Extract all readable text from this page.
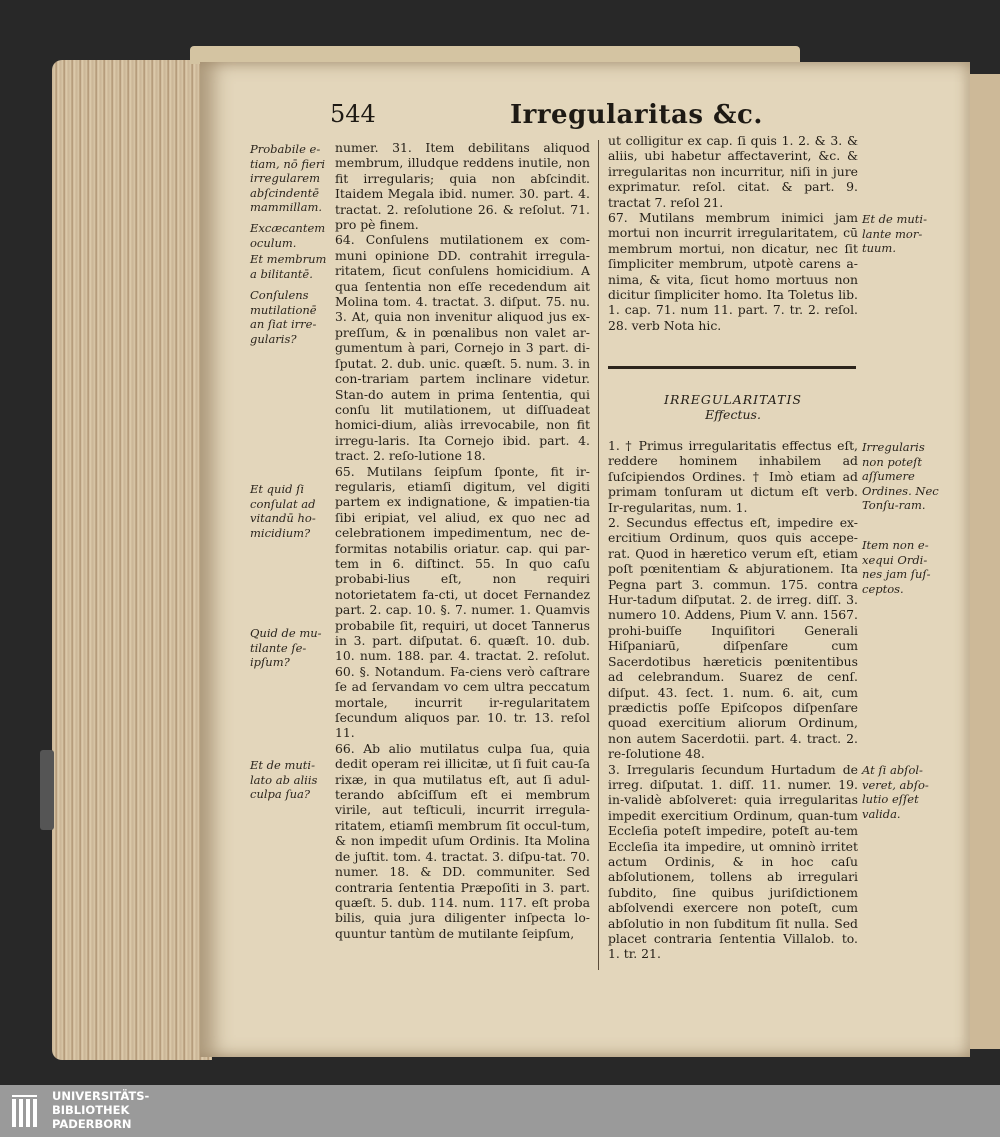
544	Irregularitas &c.
Probabile e-tiam, nō fieri irregularem abſcindentē mammillam.
Excæcantem oculum.
Et membrum a bilitantē.
Conſulens mutilationē an ſiat irre-gularis?
Et quid ſi conſulat ad vitandū ho-micidium?
Quid de mu-tilante ſe-ipſum?
Et de muti-lato ab aliis culpa ſua?

numer. 31. Item debilitans aliquod membrum, illudque reddens inutile, non fit irregularis; quia non abſcindit. Itaidem Megala ibid. numer. 30. part. 4. tractat. 2. reſolutione 26. & reſolut. 71. pro pè finem.

64. Conſulens mutilationem ex com-muni opinione DD. contrahit irregula-ritatem, ſicut conſulens homicidium. A qua ſententia non eſſe recedendum ait Molina tom. 4. tractat. 3. diſput. 75. nu. 3. At, quia non invenitur aliquod jus ex-preſſum, & in pœnalibus non valet ar-gumentum à pari, Cornejo in 3 part. di-ſputat. 2. dub. unic. quæſt. 5. num. 3. in con-trariam partem inclinare videtur. Stan-do autem in prima ſententia, qui conſu lit mutilationem, ut diſſuadeat homici-dium, aliàs irrevocabile, non fit irregu-laris. Ita Cornejo ibid. part. 4. tract. 2. reſo-lutione 18.

65. Mutilans ſeipſum ſponte, fit ir-regularis, etiamſi digitum, vel digiti partem ex indignatione, & impatien-tia ſibi eripiat, vel aliud, ex quo nec ad celebrationem impedimentum, nec de-formitas notabilis oriatur. cap. qui par-tem in 6. diſtinct. 55. In quo caſu probabi-lius eſt, non requiri notorietatem fa-cti, ut docet Fernandez part. 2. cap. 10. §. 7. numer. 1. Quamvis probabile ſit, requiri, ut docet Tannerus in 3. part. diſputat. 6. quæſt. 10. dub. 10. num. 188. par. 4. tractat. 2. reſolut. 60. §. Notandum. Fa-ciens verò caſtrare ſe ad ſervandam vo cem ultra peccatum mortale, incurrit ir-regularitatem ſecundum aliquos par. 10. tr. 13. reſol 11.

66. Ab alio mutilatus culpa ſua, quia dedit operam rei illicitæ, ut ſi fuit cau-ſa rixæ, in qua mutilatus eſt, aut ſi adul-terando abſciſſum eſt ei membrum virile, aut teſticuli, incurrit irregula-ritatem, etiamſi membrum ſit occul-tum, & non impedit uſum Ordinis. Ita Molina de juſtit. tom. 4. tractat. 3. diſpu-tat. 70. numer. 18. & DD. communiter. Sed contraria ſententia Præpoſiti in 3. part. quæſt. 5. dub. 114. num. 117. eſt proba bilis, quia jura diligenter inſpecta lo-quuntur tantùm de mutilante ſeipſum,

ut colligitur ex cap. ſi quis 1. 2. & 3. & aliis, ubi habetur affectaverint, &c. & irregularitas non incurritur, niſi in jure exprimatur. reſol. citat. & part. 9. tractat 7. reſol 21.

67. Mutilans membrum inimici jam mortui non incurrit irregularitatem, cū membrum mortui, non dicatur, nec ſit ſimpliciter membrum, utpotè carens a-nima, & vita, ſicut homo mortuus non dicitur ſimpliciter homo. Ita Toletus lib. 1. cap. 71. num 11. part. 7. tr. 2. reſol. 28. verb Nota hic.

IRREGULARITATIS
Effectus.

1. † Primus irregularitatis effectus eſt, reddere hominem inhabilem ad ſuſcipiendos Ordines. † Imò etiam ad primam tonſuram ut dictum eſt verb. Ir-regularitas, num. 1.

2. Secundus effectus eſt, impedire ex-ercitium Ordinum, quos quis accepe-rat. Quod in hæretico verum eſt, etiam poſt pœnitentiam & abjurationem. Ita Pegna part 3. commun. 175. contra Hur-tadum diſputat. 2. de irreg. diſſ. 3. numero 10. Addens, Pium V. ann. 1567. prohi-buiſſe Inquiſitori Generali Hiſpaniarū, diſpenſare cum Sacerdotibus hæreticis pœnitentibus ad celebrandum. Suarez de cenſ. diſput. 43. ſect. 1. num. 6. ait, cum prædictis poſſe Epiſcopos diſpenſare quoad exercitium aliorum Ordinum, non autem Sacerdotii. part. 4. tract. 2. re-ſolutione 48.

3. Irregularis ſecundum Hurtadum de irreg. diſputat. 1. diſſ. 11. numer. 19. in-validè abſolveret: quia irregularitas impedit exercitium Ordinum, quan-tum Eccleſia poteſt impedire, poteſt au-tem Eccleſia ita impedire, ut omninò irritet actum Ordinis, & in hoc caſu abſolutionem, tollens ab irregulari ſubdito, ſine quibus juriſdictionem abſolvendi exercere non poteſt, cum abſolutio in non ſubditum ſit nulla. Sed placet contraria ſententia Villalob. to. 1. tr. 21.

Et de muti-lante mor-tuum.
Irregularis non poteſt aſſumere Ordines. Nec Tonſu-ram.
Item non e-xequi Ordi-nes jam ſuſ-ceptos.
At ſi abſol-veret, abſo-lutio eſſet valida.
UNIVERSITÄTS-
BIBLIOTHEK
PADERBORN
